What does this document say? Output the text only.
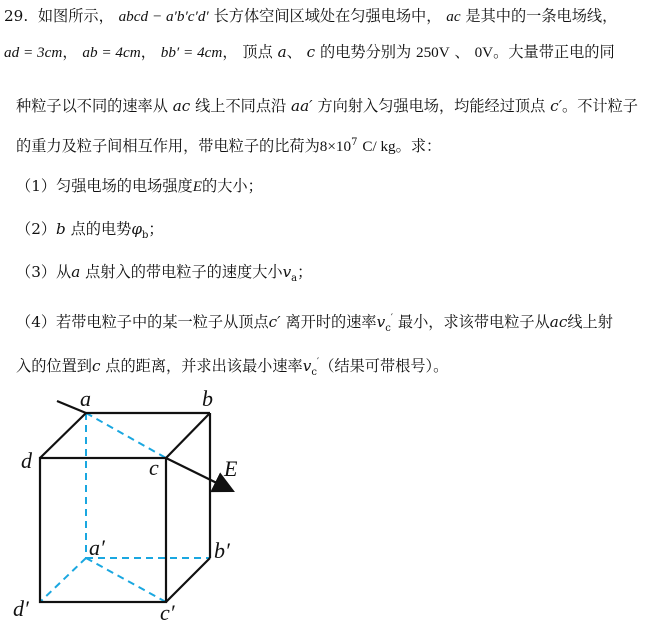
29. 如图所示， abcd − a′b′c′d′ 长方体空间区域处在匀强电场中， ac 是其中的一条电场线，
ad = 3cm， ab = 4cm， bb′ = 4cm， 顶点 a、 c 的电势分别为 250V 、 0V。大量带正电的同
种粒子以不同的速率从 ac 线上不同点沿 aa′ 方向射入匀强电场，均能经过顶点 c′。不计粒子
的重力及粒子间相互作用，带电粒子的比荷为$8\times 10^7$ C/ kg。求：
（1）匀强电场的电场强度E的大小；
（2）b 点的电势$\varphi_b$；
（3）从a 点射入的带电粒子的速度大小$v_a$；
（4）若带电粒子中的某一粒子从顶点c′ 离开时的速率$v_c'$ 最小，求该带电粒子从ac线上射
入的位置到c 点的距离，并求出该最小速率$v_c'$（结果可带根号）。
a	b
c
d
a′	b′
c′
d′
E
